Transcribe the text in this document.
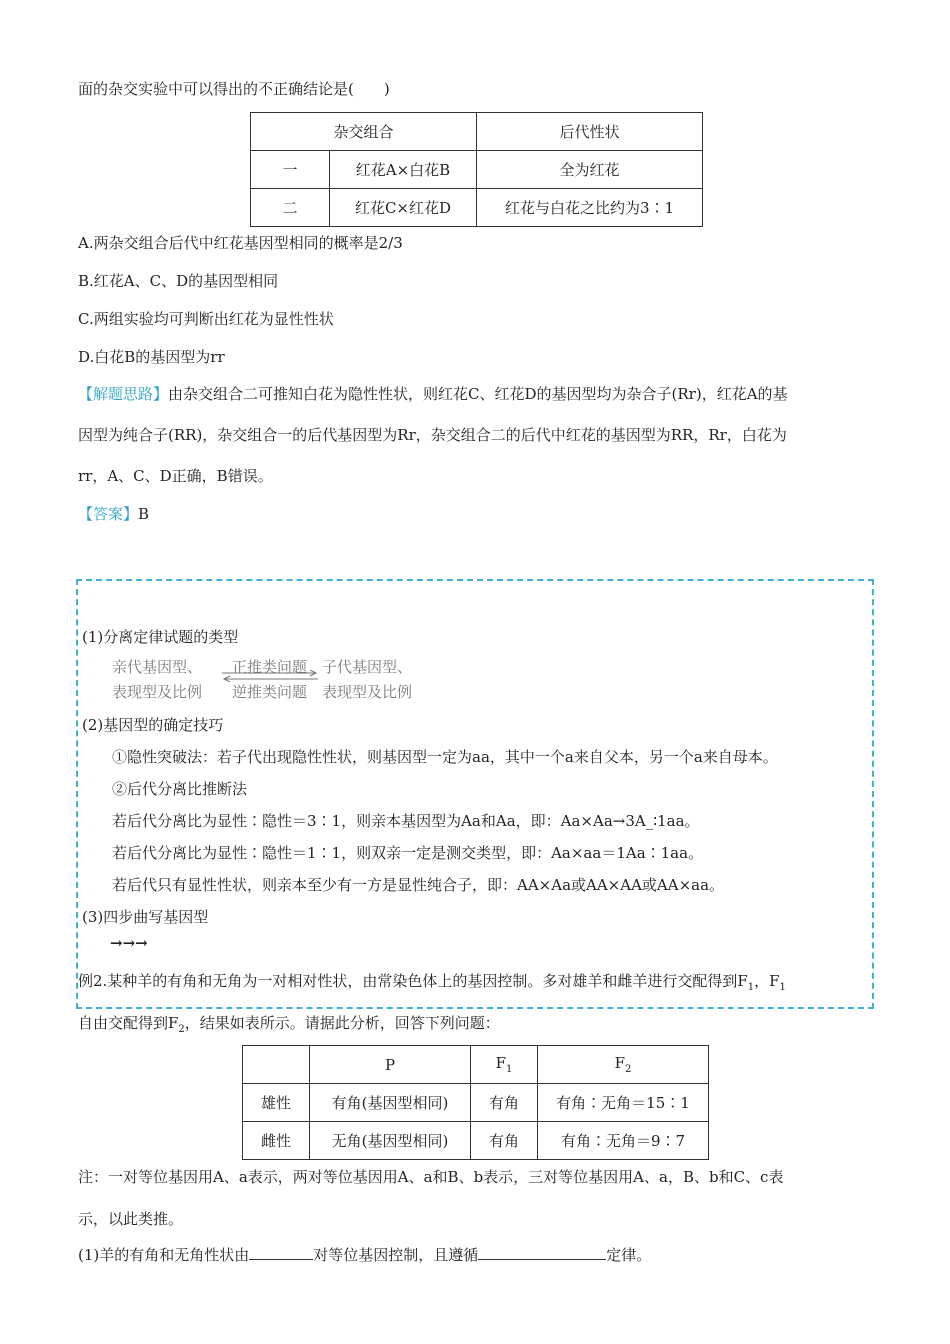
面的杂交实验中可以得出的不正确结论是(　　)
杂交组合		后代性状
一	红花A×白花B	全为红花
二	红花C×红花D	红花与白花之比约为3∶1
A.两杂交组合后代中红花基因型相同的概率是2/3
B.红花A、C、D的基因型相同
C.两组实验均可判断出红花为显性性状
D.白花B的基因型为rr
【解题思路】由杂交组合二可推知白花为隐性性状，则红花C、红花D的基因型均为杂合子(Rr)，红花A的基
因型为纯合子(RR)，杂交组合一的后代基因型为Rr，杂交组合二的后代中红花的基因型为RR，Rr，白花为
rr，A、C、D正确，B错误。
【答案】B
(1)分离定律试题的类型
亲代基因型、
表现型及比例
正推类问题
逆推类问题
子代基因型、
表现型及比例
(2)基因型的确定技巧
①隐性突破法：若子代出现隐性性状，则基因型一定为aa，其中一个a来自父本，另一个a来自母本。
②后代分离比推断法
若后代分离比为显性∶隐性＝3∶1，则亲本基因型为Aa和Aa，即：Aa×Aa→3A_∶1aa。
若后代分离比为显性∶隐性＝1∶1，则双亲一定是测交类型，即：Aa×aa＝1Aa∶1aa。
若后代只有显性性状，则亲本至少有一方是显性纯合子，即：AA×Aa或AA×AA或AA×aa。
(3)四步曲写基因型
→→→
例2.某种羊的有角和无角为一对相对性状，由常染色体上的基因控制。多对雄羊和雌羊进行交配得到$F_1$，$F_1$
自由交配得到$F_2$，结果如表所示。请据此分析，回答下列问题：
	P	$F_1$	$F_2$
雄性	有角(基因型相同)	有角	有角∶无角＝15∶1
雌性	无角(基因型相同)	有角	有角∶无角＝9∶7
注：一对等位基因用A、a表示，两对等位基因用A、a和B、b表示，三对等位基因用A、a，B、b和C、c表
示，以此类推。
(1)羊的有角和无角性状由	对等位基因控制，且遵循	定律。
